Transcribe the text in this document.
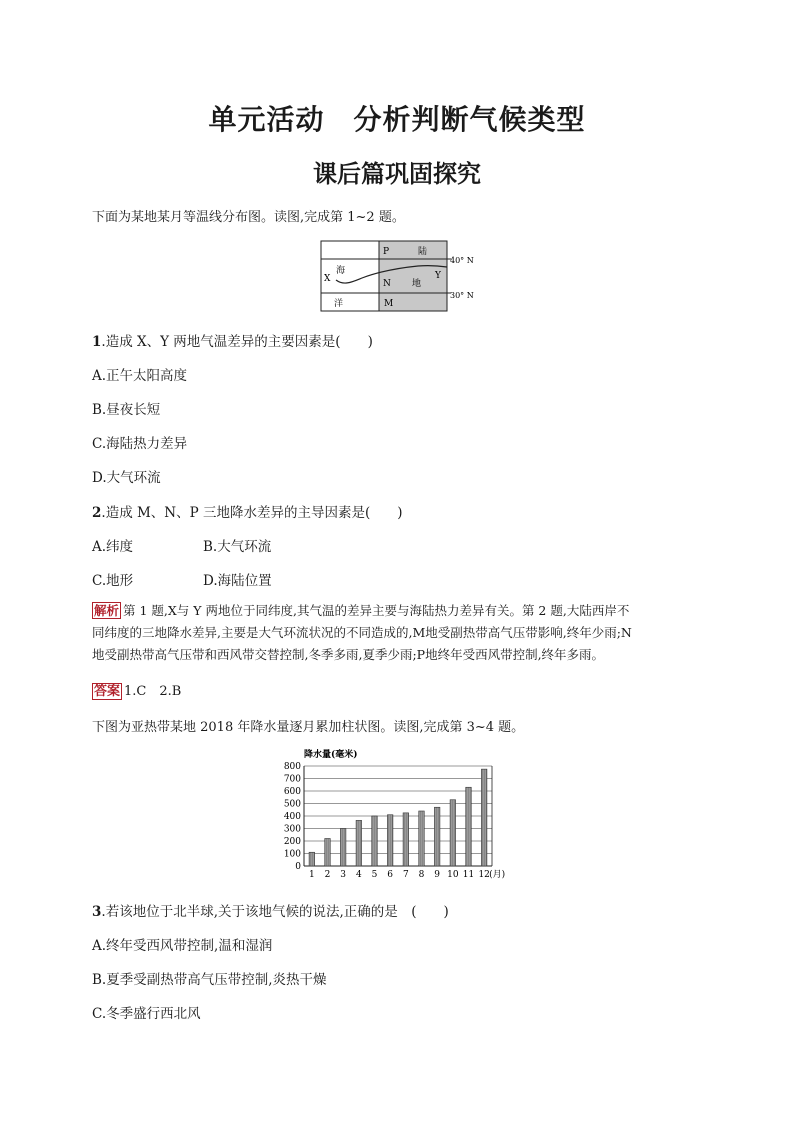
单元活动　分析判断气候类型
课后篇巩固探究
下面为某地某月等温线分布图。读图,完成第 1~2 题。
X
海
洋
P	陆
N 地
Y
M
40° N
30° N
1.造成 X、Y 两地气温差异的主要因素是(　　)
A.正午太阳高度
B.昼夜长短
C.海陆热力差异
D.大气环流
2.造成 M、N、P 三地降水差异的主导因素是(　　)
A.纬度	B.大气环流
C.地形	D.海陆位置
解析 第 1 题,X与 Y 两地位于同纬度,其气温的差异主要与海陆热力差异有关。第 2 题,大陆西岸不
同纬度的三地降水差异,主要是大气环流状况的不同造成的,M地受副热带高气压带影响,终年少雨;N
地受副热带高气压带和西风带交替控制,冬季多雨,夏季少雨;P地终年受西风带控制,终年多雨。
答案 1.C　2.B
下图为亚热带某地 2018 年降水量逐月累加柱状图。读图,完成第 3~4 题。
降水量(毫米)
0
100
200
300
400
500
600
700
800
1 2 3 4 5 6 7 8 9 10 11 12 (月)
3.若该地位于北半球,关于该地气候的说法,正确的是　(　　)
A.终年受西风带控制,温和湿润
B.夏季受副热带高气压带控制,炎热干燥
C.冬季盛行西北风
